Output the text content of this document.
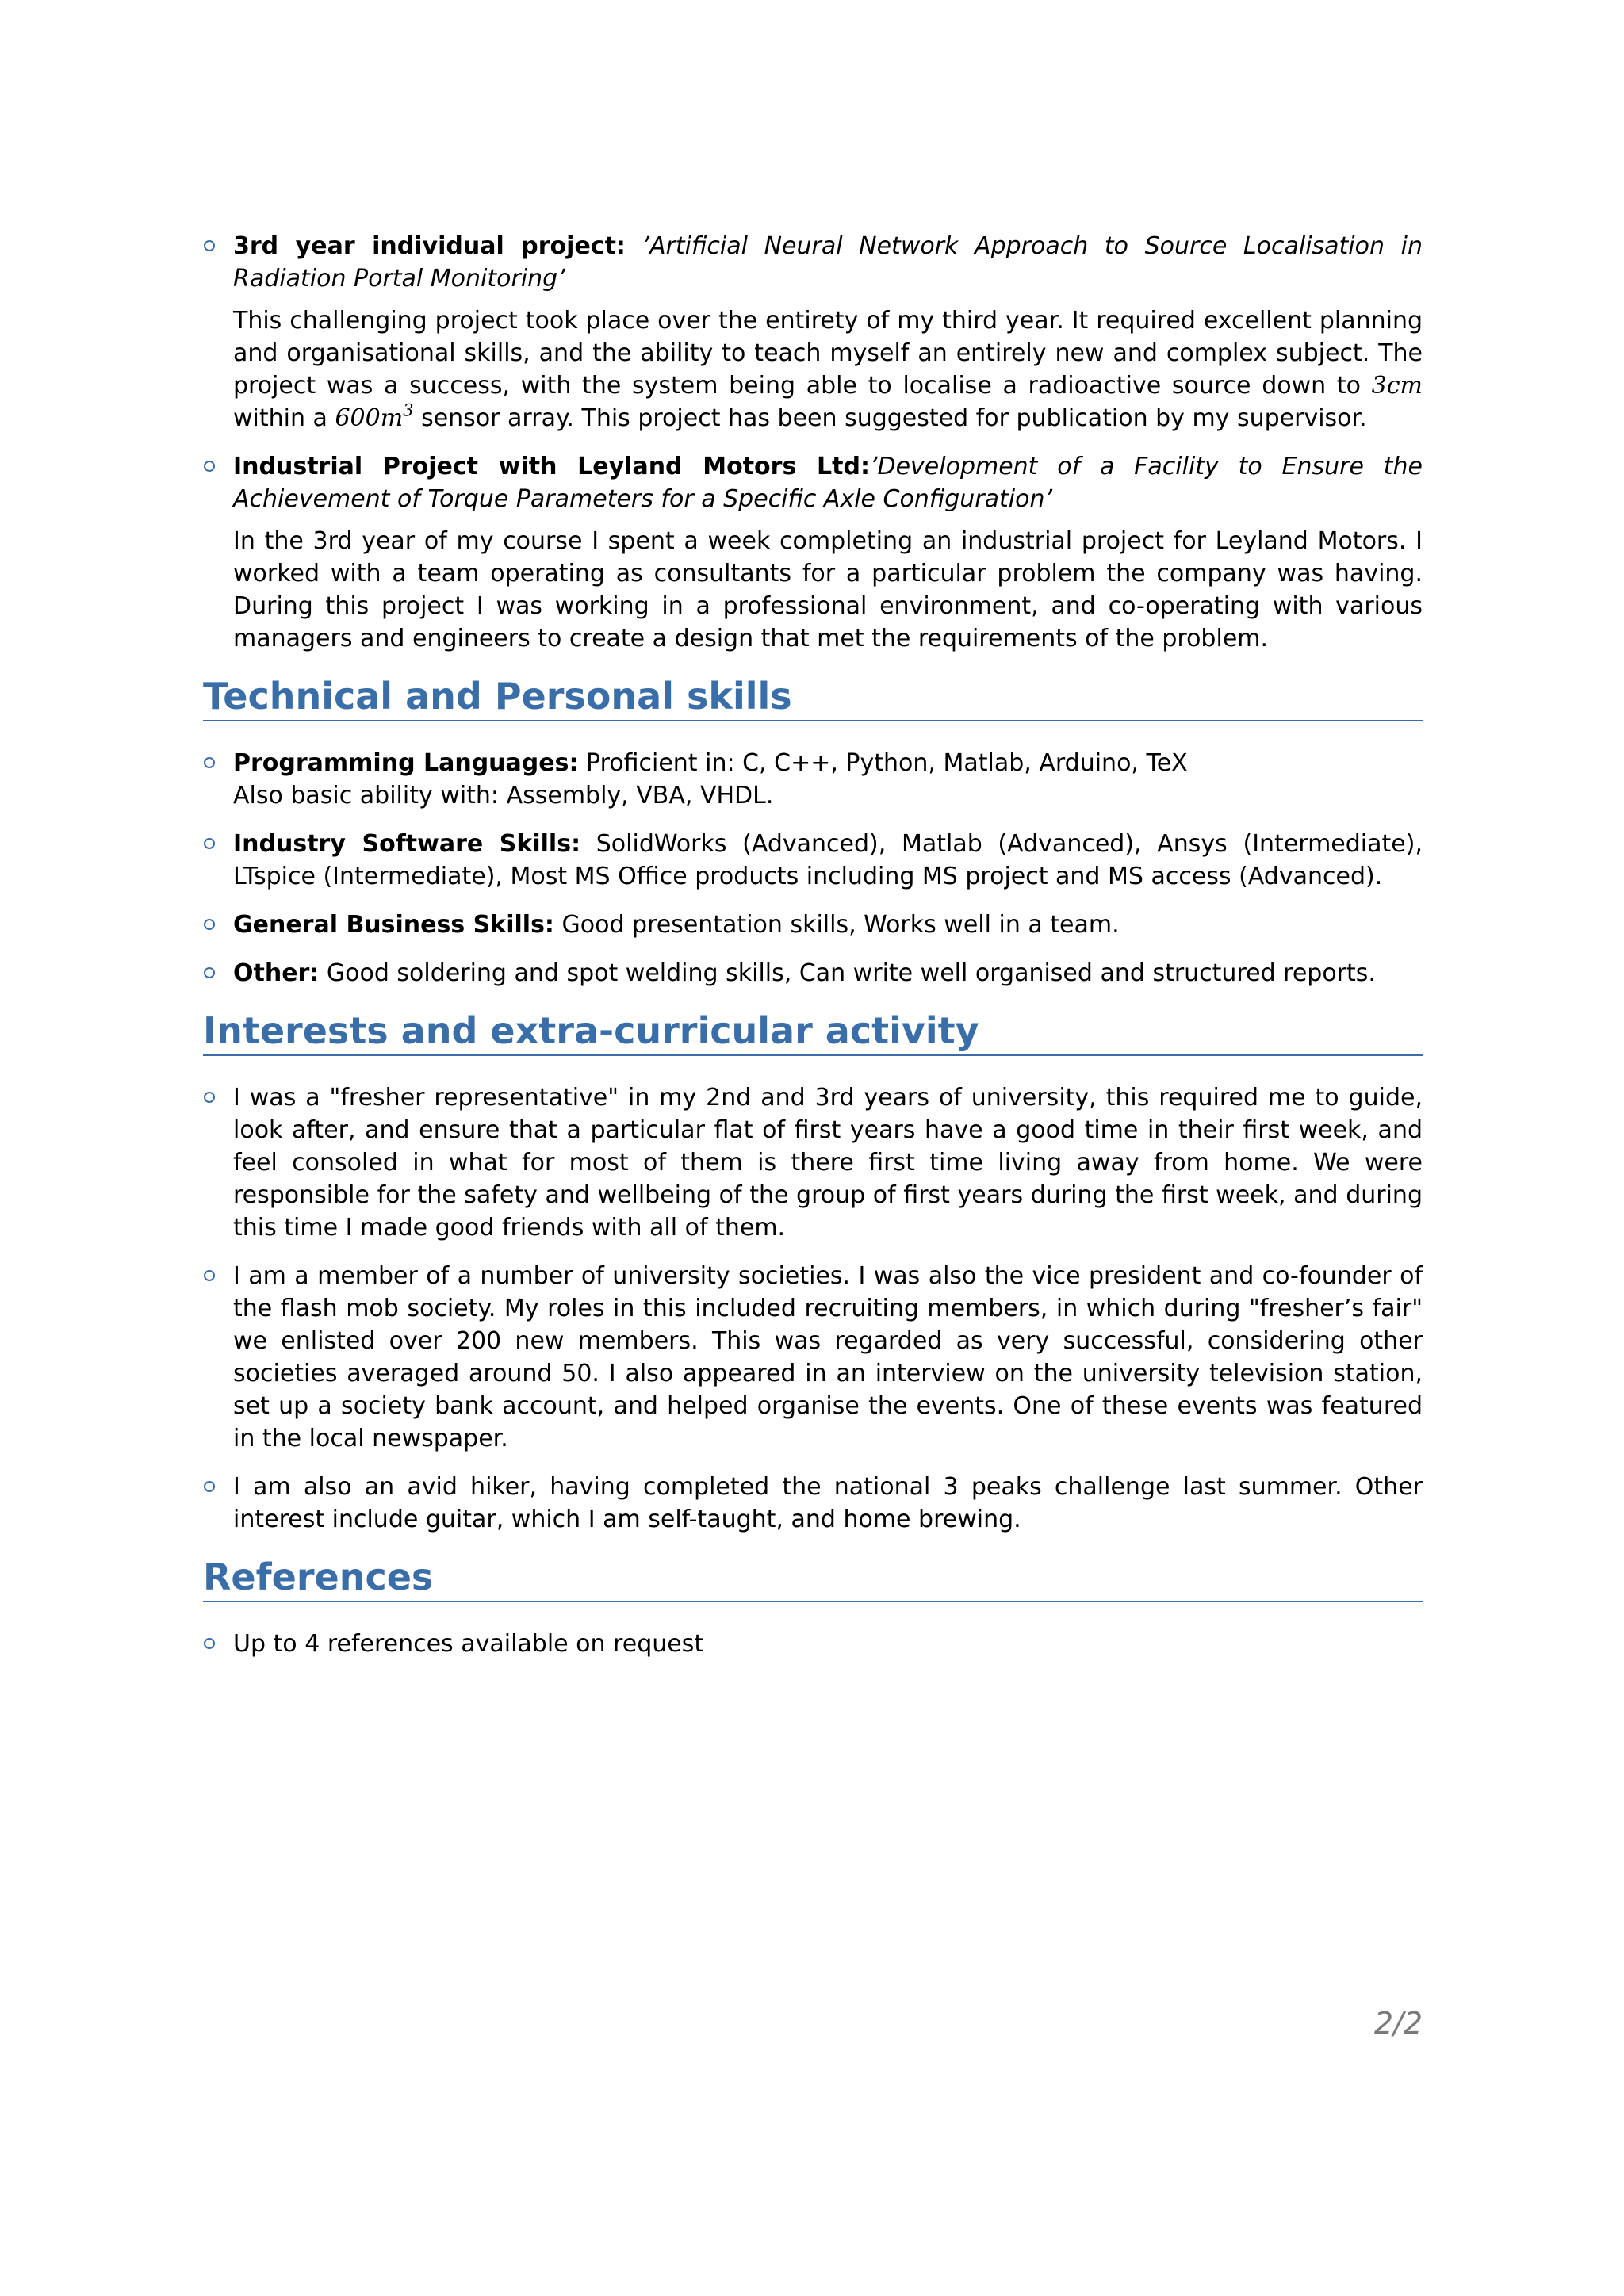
3rd year individual project: ’Artificial Neural Network Approach to Source Localisation in Radiation Portal Monitoring’
This challenging project took place over the entirety of my third year. It required excellent planning and organisational skills, and the ability to teach myself an entirely new and complex subject. The project was a success, with the system being able to localise a radioactive source down to 3cm within a $600m^3$ sensor array. This project has been suggested for publication by my supervisor.
Industrial Project with Leyland Motors Ltd:’Development of a Facility to Ensure the Achievement of Torque Parameters for a Specific Axle Configuration’
In the 3rd year of my course I spent a week completing an industrial project for Leyland Motors. I worked with a team operating as consultants for a particular problem the company was having. During this project I was working in a professional environment, and co-operating with various managers and engineers to create a design that met the requirements of the problem.
Technical and Personal skills
Programming Languages: Proficient in: C, C++, Python, Matlab, Arduino, TeX
Also basic ability with: Assembly, VBA, VHDL.
Industry Software Skills: SolidWorks (Advanced), Matlab (Advanced), Ansys (Intermediate), LTspice (Intermediate), Most MS Office products including MS project and MS access (Advanced).
General Business Skills: Good presentation skills, Works well in a team.
Other: Good soldering and spot welding skills, Can write well organised and structured reports.
Interests and extra-curricular activity
I was a "fresher representative" in my 2nd and 3rd years of university, this required me to guide, look after, and ensure that a particular flat of first years have a good time in their first week, and feel consoled in what for most of them is there first time living away from home. We were responsible for the safety and wellbeing of the group of first years during the first week, and during this time I made good friends with all of them.
I am a member of a number of university societies. I was also the vice president and co-founder of the flash mob society. My roles in this included recruiting members, in which during "fresher’s fair" we enlisted over 200 new members. This was regarded as very successful, considering other societies averaged around 50. I also appeared in an interview on the university television station, set up a society bank account, and helped organise the events. One of these events was featured in the local newspaper.
I am also an avid hiker, having completed the national 3 peaks challenge last summer. Other interest include guitar, which I am self-taught, and home brewing.
References
Up to 4 references available on request
2/2
